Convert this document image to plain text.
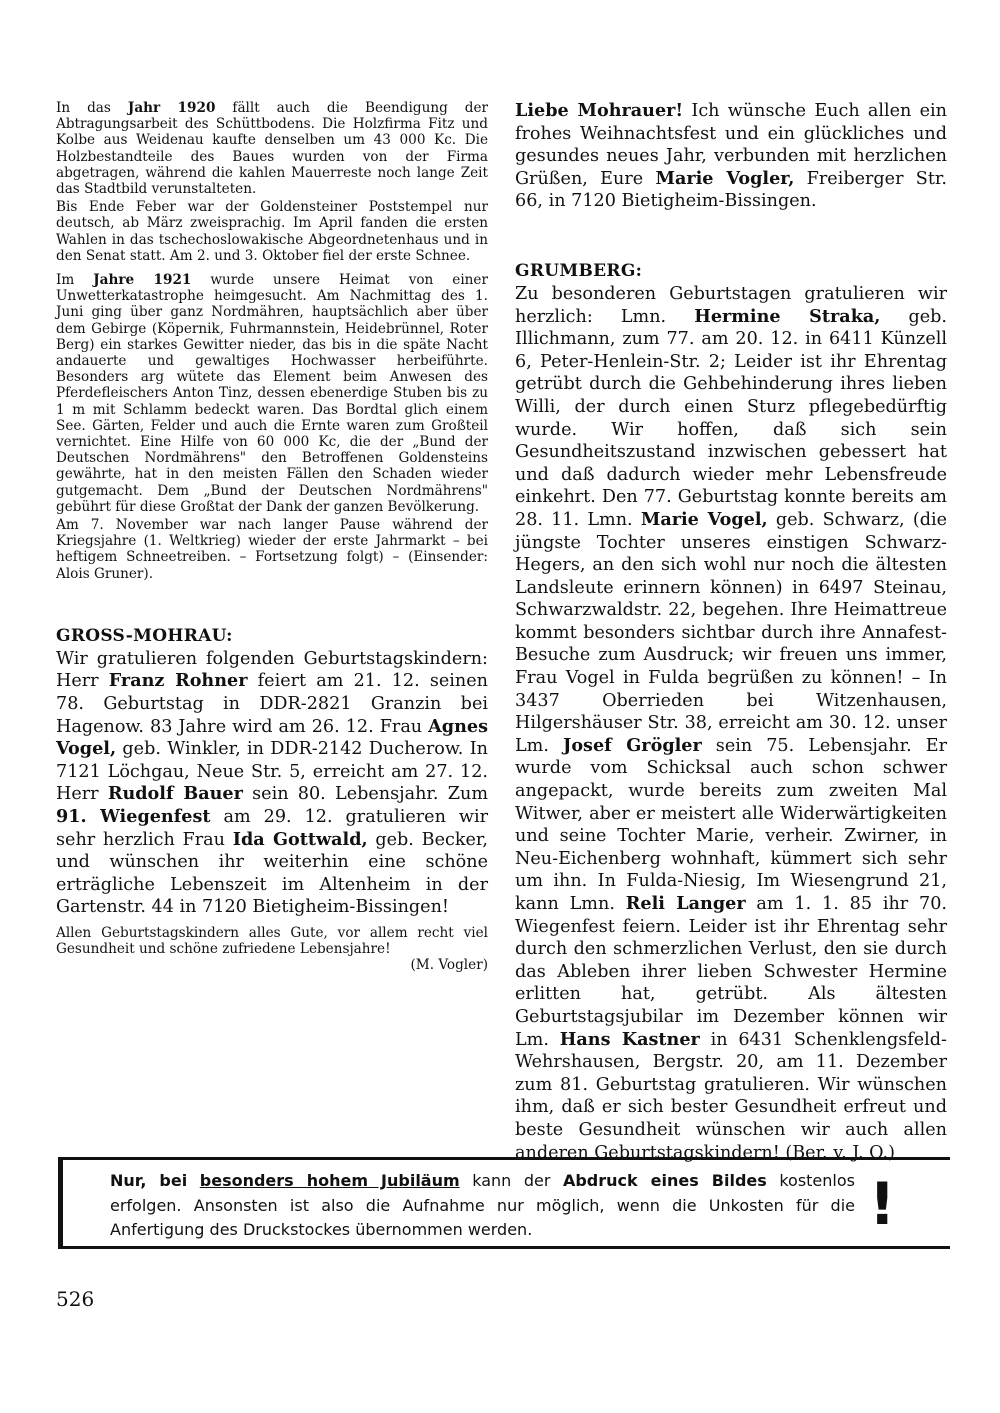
In das Jahr 1920 fällt auch die Beendigung der Abtragungsarbeit des Schüttbodens. Die Holzfirma Fitz und Kolbe aus Weidenau kaufte denselben um 43 000 Kc. Die Holzbestandteile des Baues wurden von der Firma abgetragen, während die kahlen Mauerreste noch lange Zeit das Stadtbild verunstalteten.

Bis Ende Feber war der Goldensteiner Poststempel nur deutsch, ab März zweisprachig. Im April fanden die ersten Wahlen in das tschechoslowakische Abgeordnetenhaus und in den Senat statt. Am 2. und 3. Oktober fiel der erste Schnee.

Im Jahre 1921 wurde unsere Heimat von einer Unwetterkatastrophe heimgesucht. Am Nachmittag des 1. Juni ging über ganz Nordmähren, hauptsächlich aber über dem Gebirge (Köpernik, Fuhrmannstein, Heidebrünnel, Roter Berg) ein starkes Gewitter nieder, das bis in die späte Nacht andauerte und gewaltiges Hochwasser herbeiführte. Besonders arg wütete das Element beim Anwesen des Pferdefleischers Anton Tinz, dessen ebenerdige Stuben bis zu 1 m mit Schlamm bedeckt waren. Das Bordtal glich einem See. Gärten, Felder und auch die Ernte waren zum Großteil vernichtet. Eine Hilfe von 60 000 Kc, die der „Bund der Deutschen Nordmährens" den Betroffenen Goldensteins gewährte, hat in den meisten Fällen den Schaden wieder gutgemacht. Dem „Bund der Deutschen Nordmährens" gebührt für diese Großtat der Dank der ganzen Bevölkerung.

Am 7. November war nach langer Pause während der Kriegsjahre (1. Weltkrieg) wieder der erste Jahrmarkt – bei heftigem Schneetreiben. – Fortsetzung folgt) – (Einsender: Alois Gruner).

GROSS-MOHRAU:

Wir gratulieren folgenden Geburtstagskindern: Herr Franz Rohner feiert am 21. 12. seinen 78. Geburtstag in DDR-2821 Granzin bei Hagenow. 83 Jahre wird am 26. 12. Frau Agnes Vogel, geb. Winkler, in DDR-2142 Ducherow. In 7121 Löchgau, Neue Str. 5, erreicht am 27. 12. Herr Rudolf Bauer sein 80. Lebensjahr. Zum 91. Wiegenfest am 29. 12. gratulieren wir sehr herzlich Frau Ida Gottwald, geb. Becker, und wünschen ihr weiterhin eine schöne erträgliche Lebenszeit im Altenheim in der Gartenstr. 44 in 7120 Bietigheim-Bissingen!

Allen Geburtstagskindern alles Gute, vor allem recht viel Gesundheit und schöne zufriedene Lebensjahre!

(M. Vogler)

Liebe Mohrauer! Ich wünsche Euch allen ein frohes Weihnachtsfest und ein glückliches und gesundes neues Jahr, verbunden mit herzlichen Grüßen, Eure Marie Vogler, Freiberger Str. 66, in 7120 Bietigheim-Bissingen.

GRUMBERG:

Zu besonderen Geburtstagen gratulieren wir herzlich: Lmn. Hermine Straka, geb. Illichmann, zum 77. am 20. 12. in 6411 Künzell 6, Peter-Henlein-Str. 2; Leider ist ihr Ehrentag getrübt durch die Gehbehinderung ihres lieben Willi, der durch einen Sturz pflegebedürftig wurde. Wir hoffen, daß sich sein Gesundheitszustand inzwischen gebessert hat und daß dadurch wieder mehr Lebensfreude einkehrt. Den 77. Geburtstag konnte bereits am 28. 11. Lmn. Marie Vogel, geb. Schwarz, (die jüngste Tochter unseres einstigen Schwarz-Hegers, an den sich wohl nur noch die ältesten Landsleute erinnern können) in 6497 Steinau, Schwarzwaldstr. 22, begehen. Ihre Heimattreue kommt besonders sichtbar durch ihre Annafest-Besuche zum Ausdruck; wir freuen uns immer, Frau Vogel in Fulda begrüßen zu können! – In 3437 Oberrieden bei Witzenhausen, Hilgershäuser Str. 38, erreicht am 30. 12. unser Lm. Josef Grögler sein 75. Lebensjahr. Er wurde vom Schicksal auch schon schwer angepackt, wurde bereits zum zweiten Mal Witwer, aber er meistert alle Widerwärtigkeiten und seine Tochter Marie, verheir. Zwirner, in Neu-Eichenberg wohnhaft, kümmert sich sehr um ihn. In Fulda-Niesig, Im Wiesengrund 21, kann Lmn. Reli Langer am 1. 1. 85 ihr 70. Wiegenfest feiern. Leider ist ihr Ehrentag sehr durch den schmerzlichen Verlust, den sie durch das Ableben ihrer lieben Schwester Hermine erlitten hat, getrübt. Als ältesten Geburtstagsjubilar im Dezember können wir Lm. Hans Kastner in 6431 Schenklengsfeld-Wehrshausen, Bergstr. 20, am 11. Dezember zum 81. Geburtstag gratulieren. Wir wünschen ihm, daß er sich bester Gesundheit erfreut und beste Gesundheit wünschen wir auch allen anderen Geburtstagskindern! (Ber. v. J. O.)

Nur, bei besonders hohem Jubiläum kann der Abdruck eines Bildes kostenlos erfolgen. Ansonsten ist also die Aufnahme nur möglich, wenn die Unkosten für die Anfertigung des Druckstockes übernommen werden.	!
526
